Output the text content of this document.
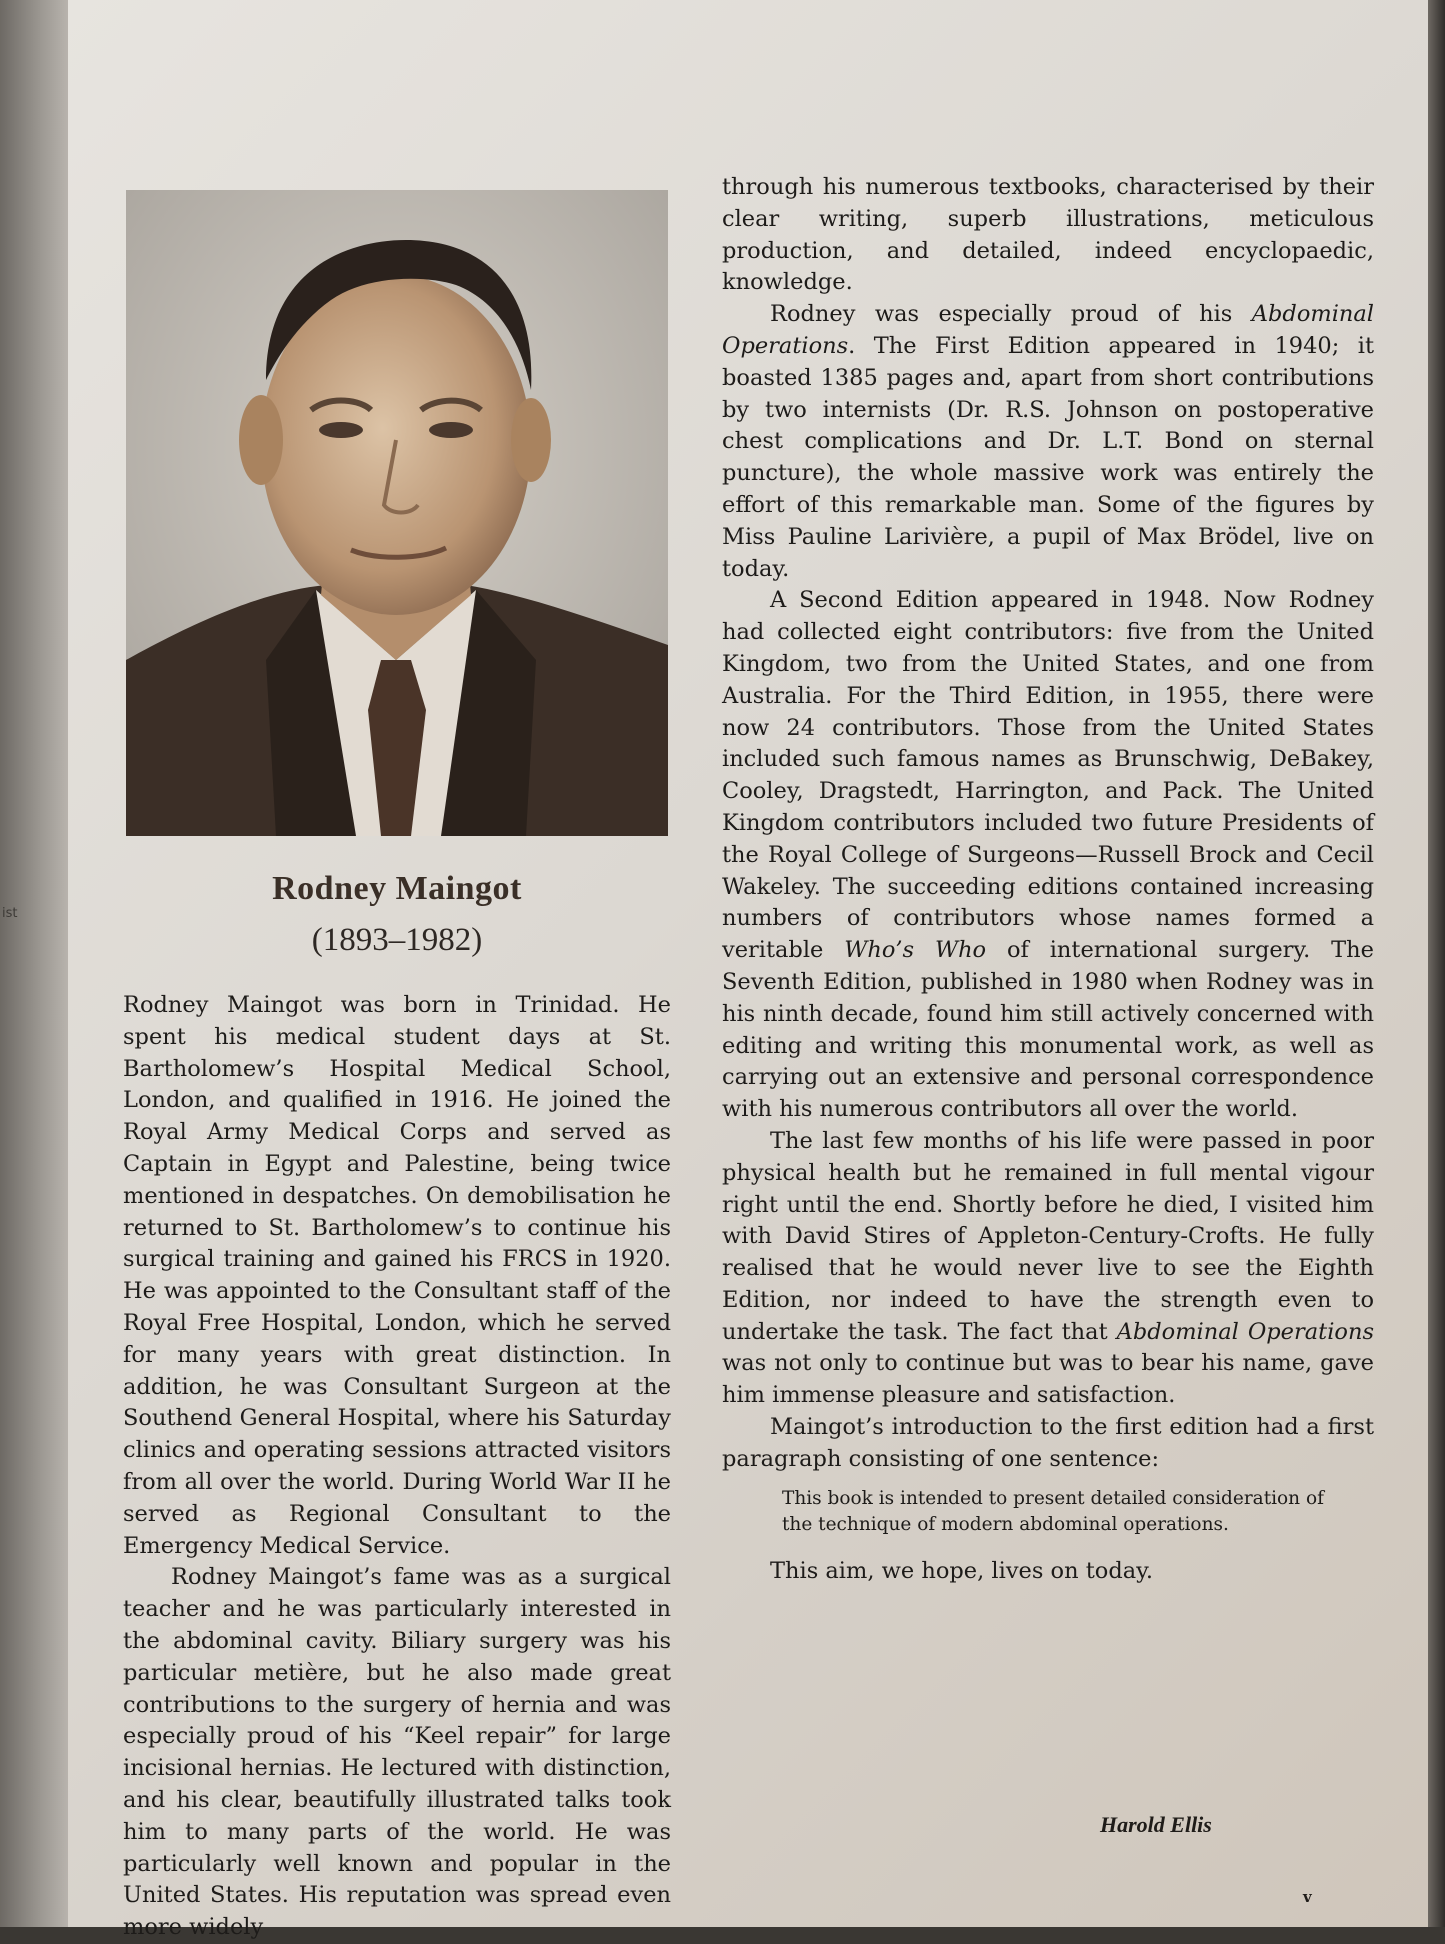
ist
Rodney Maingot
(1893–1982)

Rodney Maingot was born in Trinidad. He spent his medical student days at St. Bartholomew’s Hospital Medical School, London, and qualified in 1916. He joined the Royal Army Medical Corps and served as Captain in Egypt and Palestine, being twice mentioned in despatches. On demobilisation he returned to St. Bartholomew’s to continue his surgical training and gained his FRCS in 1920. He was appointed to the Consultant staff of the Royal Free Hospital, London, which he served for many years with great distinction. In addition, he was Consultant Surgeon at the Southend General Hospital, where his Saturday clinics and operating sessions attracted visitors from all over the world. During World War II he served as Regional Consultant to the Emergency Medical Service.

Rodney Maingot’s fame was as a surgical teacher and he was particularly interested in the abdominal cavity. Biliary surgery was his particular metière, but he also made great contributions to the surgery of hernia and was especially proud of his “Keel repair” for large incisional hernias. He lectured with distinction, and his clear, beautifully illustrated talks took him to many parts of the world. He was particularly well known and popular in the United States. His reputation was spread even more widely

through his numerous textbooks, characterised by their clear writing, superb illustrations, meticulous production, and detailed, indeed encyclopaedic, knowledge.

Rodney was especially proud of his Abdominal Operations. The First Edition appeared in 1940; it boasted 1385 pages and, apart from short contributions by two internists (Dr. R.S. Johnson on postoperative chest complications and Dr. L.T. Bond on sternal puncture), the whole massive work was entirely the effort of this remarkable man. Some of the figures by Miss Pauline Larivière, a pupil of Max Brödel, live on today.

A Second Edition appeared in 1948. Now Rodney had collected eight contributors: five from the United Kingdom, two from the United States, and one from Australia. For the Third Edition, in 1955, there were now 24 contributors. Those from the United States included such famous names as Brunschwig, DeBakey, Cooley, Dragstedt, Harrington, and Pack. The United Kingdom contributors included two future Presidents of the Royal College of Surgeons—Russell Brock and Cecil Wakeley. The succeeding editions contained increasing numbers of contributors whose names formed a veritable Who’s Who of international surgery. The Seventh Edition, published in 1980 when Rodney was in his ninth decade, found him still actively concerned with editing and writing this monumental work, as well as carrying out an extensive and personal correspondence with his numerous contributors all over the world.

The last few months of his life were passed in poor physical health but he remained in full mental vigour right until the end. Shortly before he died, I visited him with David Stires of Appleton-Century-Crofts. He fully realised that he would never live to see the Eighth Edition, nor indeed to have the strength even to undertake the task. The fact that Abdominal Operations was not only to continue but was to bear his name, gave him immense pleasure and satisfaction.

Maingot’s introduction to the first edition had a first paragraph consisting of one sentence:

This book is intended to present detailed consideration of the technique of modern abdominal operations.

This aim, we hope, lives on today.

Harold Ellis
v
